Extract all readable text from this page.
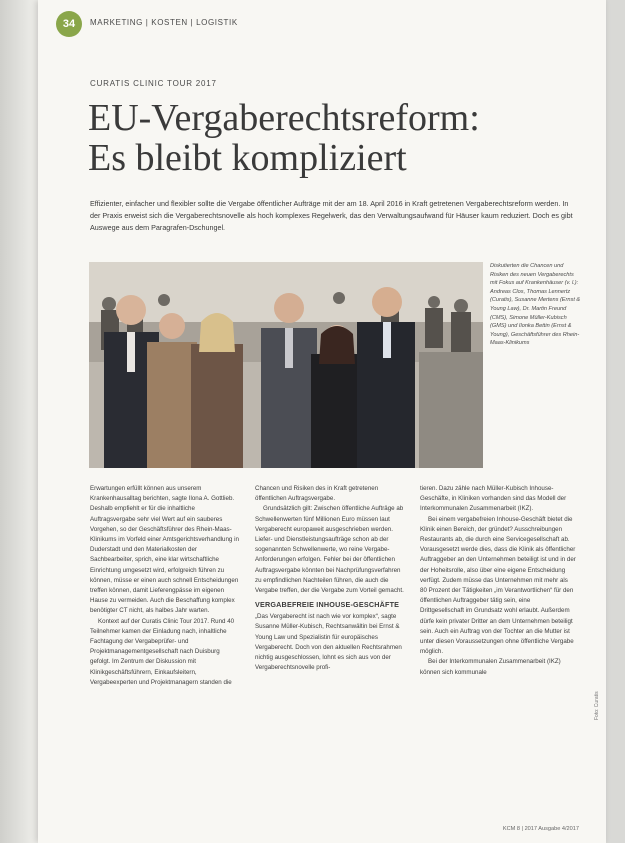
34	MARKETING | KOSTEN | LOGISTIK
CURATIS CLINIC TOUR 2017
EU-Vergaberechtsreform:
Es bleibt kompliziert

Effizienter, einfacher und flexibler sollte die Vergabe öffentlicher Aufträge mit der am 18. April 2016 in Kraft getretenen Vergaberechtsreform werden. In der Praxis erweist sich die Vergaberechtsnovelle als hoch komplexes Regelwerk, das den Verwaltungsaufwand für Häuser kaum reduziert. Doch es gibt Auswege aus dem Paragrafen-Dschungel.

Diskutierten die Chancen und Risiken des neuen Vergaberechts mit Fokus auf Krankenhäuser (v. l.): Andreas Clos, Thomas Lennertz (Curatis), Susanne Mertens (Ernst & Young Law), Dr. Martin Freund (CMS), Simone Müller-Kubisch (GMS) und Ilonka Bettin (Ernst & Young), Geschäftsführer des Rhein-Maas-Klinikums

Erwartungen erfüllt können aus unserem Krankenhausalltag berichten, sagte Ilona A. Gottlieb. Deshalb empfiehlt er für die inhaltliche Auftragsvergabe sehr viel Wert auf ein sauberes Vorgehen, so der Geschäftsführer des Rhein-Maas-Klinikums im Vorfeld einer Amtsgerichtsverhandlung in Duderstadt und den Materialkosten der Sachbearbeiter, sprich, eine klar wirtschaftliche Einrichtung umgesetzt wird, erfolgreich führen zu können, müsse er einen auch schnell Entscheidungen treffen können, damit Lieferengpässe im eigenen Hause zu vermeiden. Auch die Beschaffung komplex benötigter CT nicht, als halbes Jahr warten.

Kontext auf der Curatis Clinic Tour 2017. Rund 40 Teilnehmer kamen der Einladung nach, inhaltliche Fachtagung der Vergabeprüfer- und Projektmanagementgesellschaft nach Duisburg gefolgt. Im Zentrum der Diskussion mit Klinikgeschäftsführern, Einkaufsleitern, Vergabeexperten und Projektmanagern standen die

Chancen und Risiken des in Kraft getretenen öffentlichen Auftragsvergabe.

Grundsätzlich gilt: Zwischen öffentliche Aufträge ab Schwellenwerten fünf Millionen Euro müssen laut Vergaberecht europaweit ausgeschrieben werden. Liefer- und Dienstleistungsaufträge schon ab der sogenannten Schwellenwerte, wo reine Vergabe-Anforderungen erfolgen. Fehler bei der öffentlichen Auftragsvergabe könnten bei Nachprüfungsverfahren zu empfindlichen Nachteilen führen, die auch die Vergabe treffen, der die Vergabe zum Vorteil gemacht.

VERGABEFREIE INHOUSE-GESCHÄFTE

„Das Vergaberecht ist nach wie vor komplex“, sagte Susanne Müller-Kubisch, Rechtsanwältin bei Ernst & Young Law und Spezialistin für europäisches Vergaberecht. Doch von den aktuellen Rechtsrahmen nichtig ausgeschlossen, lohnt es sich aus von der Vergaberechtsnovelle profi-

tieren. Dazu zähle nach Müller-Kubisch Inhouse-Geschäfte, in Kliniken vorhanden sind das Modell der Interkommunalen Zusammenarbeit (IKZ).

Bei einem vergabefreien Inhouse-Geschäft bietet die Klinik einen Bereich, der gründet? Ausschreibungen Restaurants ab, die durch eine Servicegesellschaft ab. Vorausgesetzt werde dies, dass die Klinik als öffentlicher Auftraggeber an den Unternehmen beteiligt ist und in der der Hoheitsrolle, also über eine eigene Entscheidung verfügt. Zudem müsse das Unternehmen mit mehr als 80 Prozent der Tätigkeiten „im Verantwortlichen“ für den öffentlichen Auftraggeber tätig sein, eine Drittgesellschaft im Grundsatz wohl erlaubt. Außerdem dürfe kein privater Dritter an dem Unternehmen beteiligt sein. Auch ein Auftrag von der Tochter an die Mutter ist unter diesen Voraussetzungen ohne öffentliche Vergabe möglich.

Bei der Interkommunalen Zusammenarbeit (IKZ) können sich kommunale

Foto: Curatis
KCM 8 | 2017 Ausgabe 4/2017
